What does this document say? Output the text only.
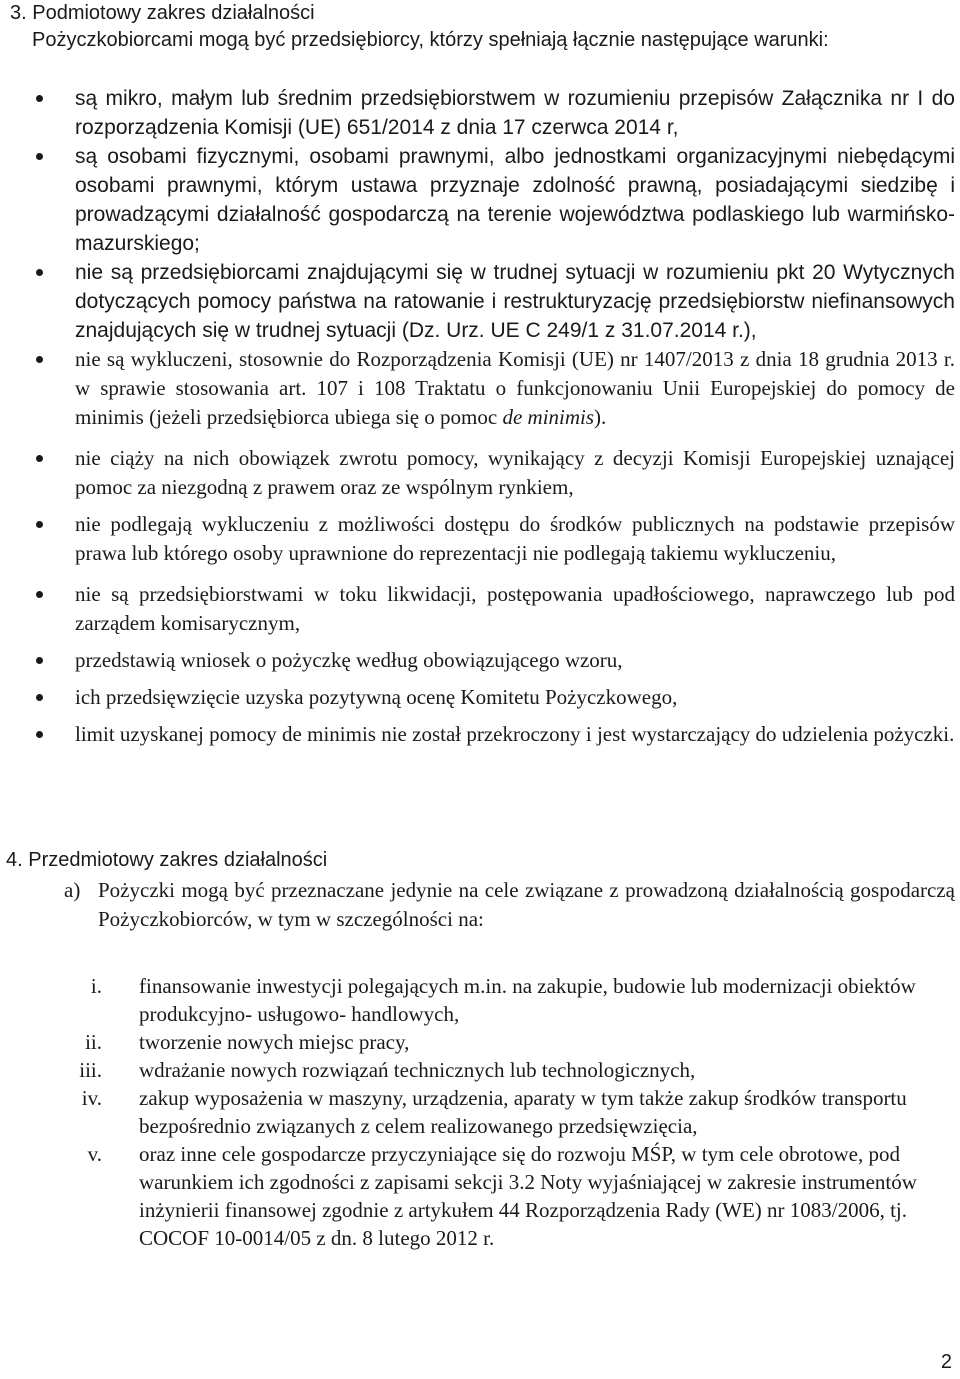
3. Podmiotowy zakres działalności
Pożyczkobiorcami mogą być przedsiębiorcy, którzy spełniają łącznie następujące warunki:
są mikro, małym lub średnim przedsiębiorstwem w rozumieniu przepisów Załącznika nr I do rozporządzenia Komisji (UE) 651/2014 z dnia 17 czerwca 2014 r,
są osobami fizycznymi, osobami prawnymi, albo jednostkami organizacyjnymi niebędącymi osobami prawnymi, którym ustawa przyznaje zdolność prawną, posiadającymi siedzibę i prowadzącymi działalność gospodarczą na terenie województwa podlaskiego lub warmińsko-mazurskiego;
nie są przedsiębiorcami znajdującymi się w trudnej sytuacji w rozumieniu pkt 20 Wytycznych dotyczących pomocy państwa na ratowanie i restrukturyzację przedsiębiorstw niefinansowych znajdujących się w trudnej sytuacji (Dz. Urz. UE C 249/1 z 31.07.2014 r.),
nie są wykluczeni, stosownie do Rozporządzenia Komisji (UE) nr 1407/2013 z dnia 18 grudnia 2013 r. w sprawie stosowania art. 107 i 108 Traktatu o funkcjonowaniu Unii Europejskiej do pomocy de minimis (jeżeli przedsiębiorca ubiega się o pomoc de minimis).
nie ciąży na nich obowiązek zwrotu pomocy, wynikający z decyzji Komisji Europejskiej uznającej pomoc za niezgodną z prawem oraz ze wspólnym rynkiem,
nie podlegają wykluczeniu z możliwości dostępu do środków publicznych na podstawie przepisów prawa lub którego osoby uprawnione do reprezentacji nie podlegają takiemu wykluczeniu,
nie są przedsiębiorstwami w toku likwidacji, postępowania upadłościowego, naprawczego lub pod zarządem komisarycznym,
przedstawią wniosek o pożyczkę według obowiązującego wzoru,
ich przedsięwzięcie uzyska pozytywną ocenę Komitetu Pożyczkowego,
limit uzyskanej pomocy de minimis nie został przekroczony i jest wystarczający do udzielenia pożyczki.
4. Przedmiotowy zakres działalności
a) Pożyczki mogą być przeznaczane jedynie na cele związane z prowadzoną działalnością gospodarczą Pożyczkobiorców, w tym w szczególności na:
i. finansowanie inwestycji polegających m.in. na zakupie, budowie lub modernizacji obiektów produkcyjno- usługowo- handlowych,
ii. tworzenie nowych miejsc pracy,
iii. wdrażanie nowych rozwiązań technicznych lub technologicznych,
iv. zakup wyposażenia w maszyny, urządzenia, aparaty w tym także zakup środków transportu bezpośrednio związanych z celem realizowanego przedsięwzięcia,
v. oraz inne cele gospodarcze przyczyniające się do rozwoju MŚP, w tym cele obrotowe, pod warunkiem ich zgodności z zapisami sekcji 3.2 Noty wyjaśniającej w zakresie instrumentów inżynierii finansowej zgodnie z artykułem 44 Rozporządzenia Rady (WE) nr 1083/2006, tj. COCOF 10-0014/05 z dn. 8 lutego 2012 r.
2
